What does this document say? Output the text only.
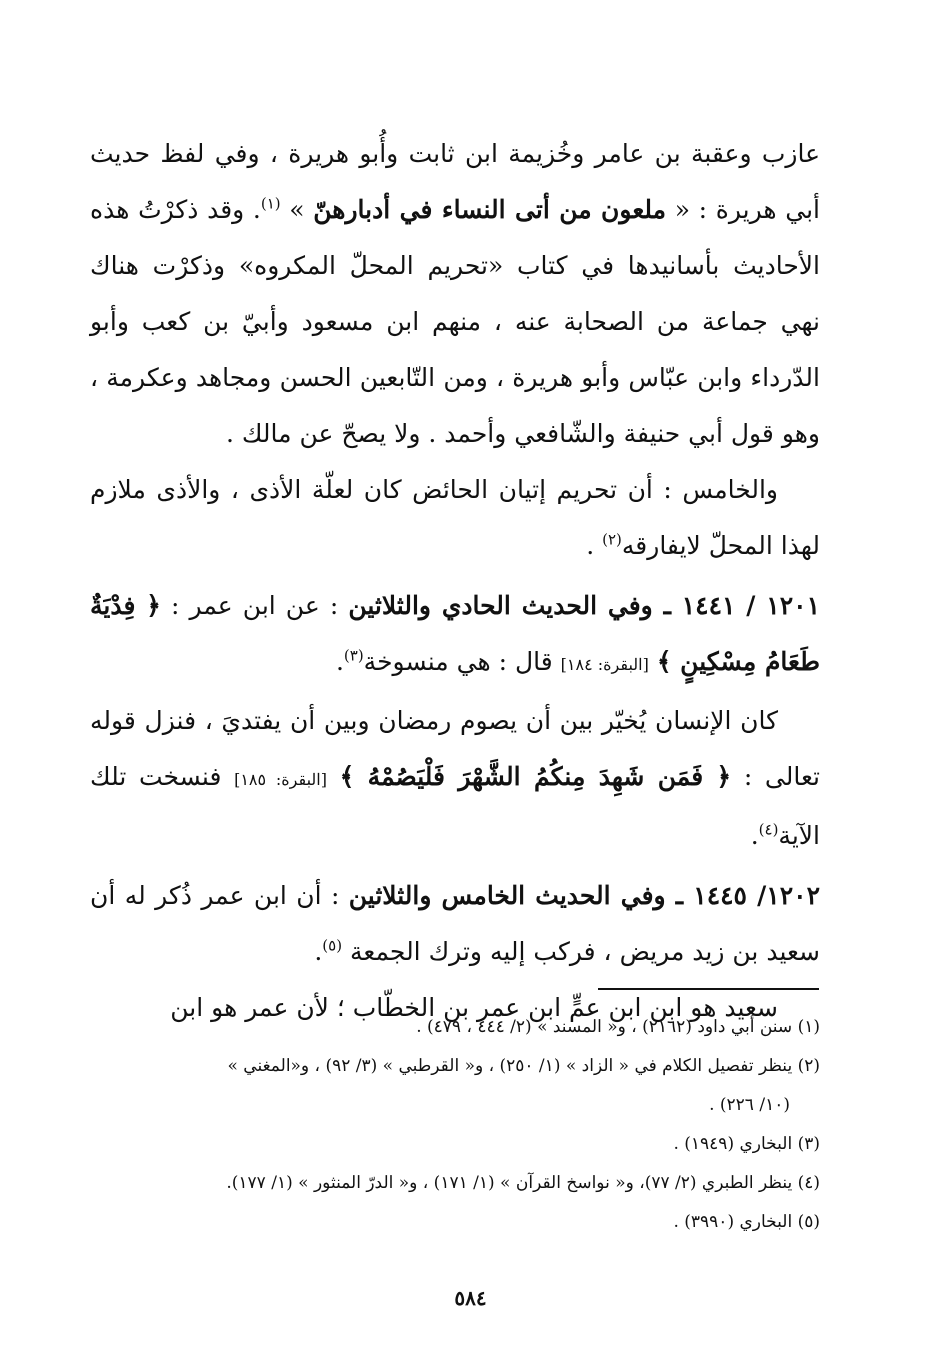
عازب وعقبة بن عامر وخُزيمة ابن ثابت وأُبو هريرة ، وفي لفظ حديث أبي هريرة : « ملعون من أتى النساء في أدبارهنّ » $^{(١)}$. وقد ذكرْتُ هذه الأحاديث بأسانيدها في كتاب «تحريم المحلّ المكروه» وذكرْت هناك نهي جماعة من الصحابة عنه ، منهم ابن مسعود وأبيّ بن كعب وأبو الدّرداء وابن عبّاس وأبو هريرة ، ومن التّابعين الحسن ومجاهد وعكرمة ، وهو قول أبي حنيفة والشّافعي وأحمد . ولا يصحّ عن مالك .

والخامس : أن تحريم إتيان الحائض كان لعلّة الأذى ، والأذى ملازم لهذا المحلّ لايفارقه$^{(٢)}$ .

١٢٠١ / ١٤٤١ ـ وفي الحديث الحادي والثلاثين : عن ابن عمر : ﴿ فِدْيَةٌ طَعَامُ مِسْكِينٍ ﴾ [البقرة: ١٨٤] قال : هي منسوخة$^{(٣)}$.

كان الإنسان يُخيّر بين أن يصوم رمضان وبين أن يفتديَ ، فنزل قوله تعالى : ﴿ فَمَن شَهِدَ مِنكُمُ الشَّهْرَ فَلْيَصُمْهُ ﴾ [البقرة: ١٨٥] فنسخت تلك الآية$^{(٤)}$.

١٢٠٢/ ١٤٤٥ ـ وفي الحديث الخامس والثلاثين : أن ابن عمر ذُكر له أن سعيد بن زيد مريض ، فركب إليه وترك الجمعة $^{(٥)}$.

سعيد هو ابن ابن عمٍّ ابن عمر بن الخطّاب ؛ لأن عمر هو ابن

(١) سنن أبي داود (٢١٦٢) ، و« المسند » (٢/ ٤٤٤ ، ٤٧٩) .

(٢) ينظر تفصيل الكلام في « الزاد » (١/ ٢٥٠) ، و« القرطبي » (٣/ ٩٢) ، و«المغني »
(١٠/ ٢٢٦) .

(٣) البخاري (١٩٤٩) .

(٤) ينظر الطبري (٢/ ٧٧)، و« نواسخ القرآن » (١/ ١٧١) ، و« الدرّ المنثور » (١/ ١٧٧).

(٥) البخاري (٣٩٩٠) .

٥٨٤
